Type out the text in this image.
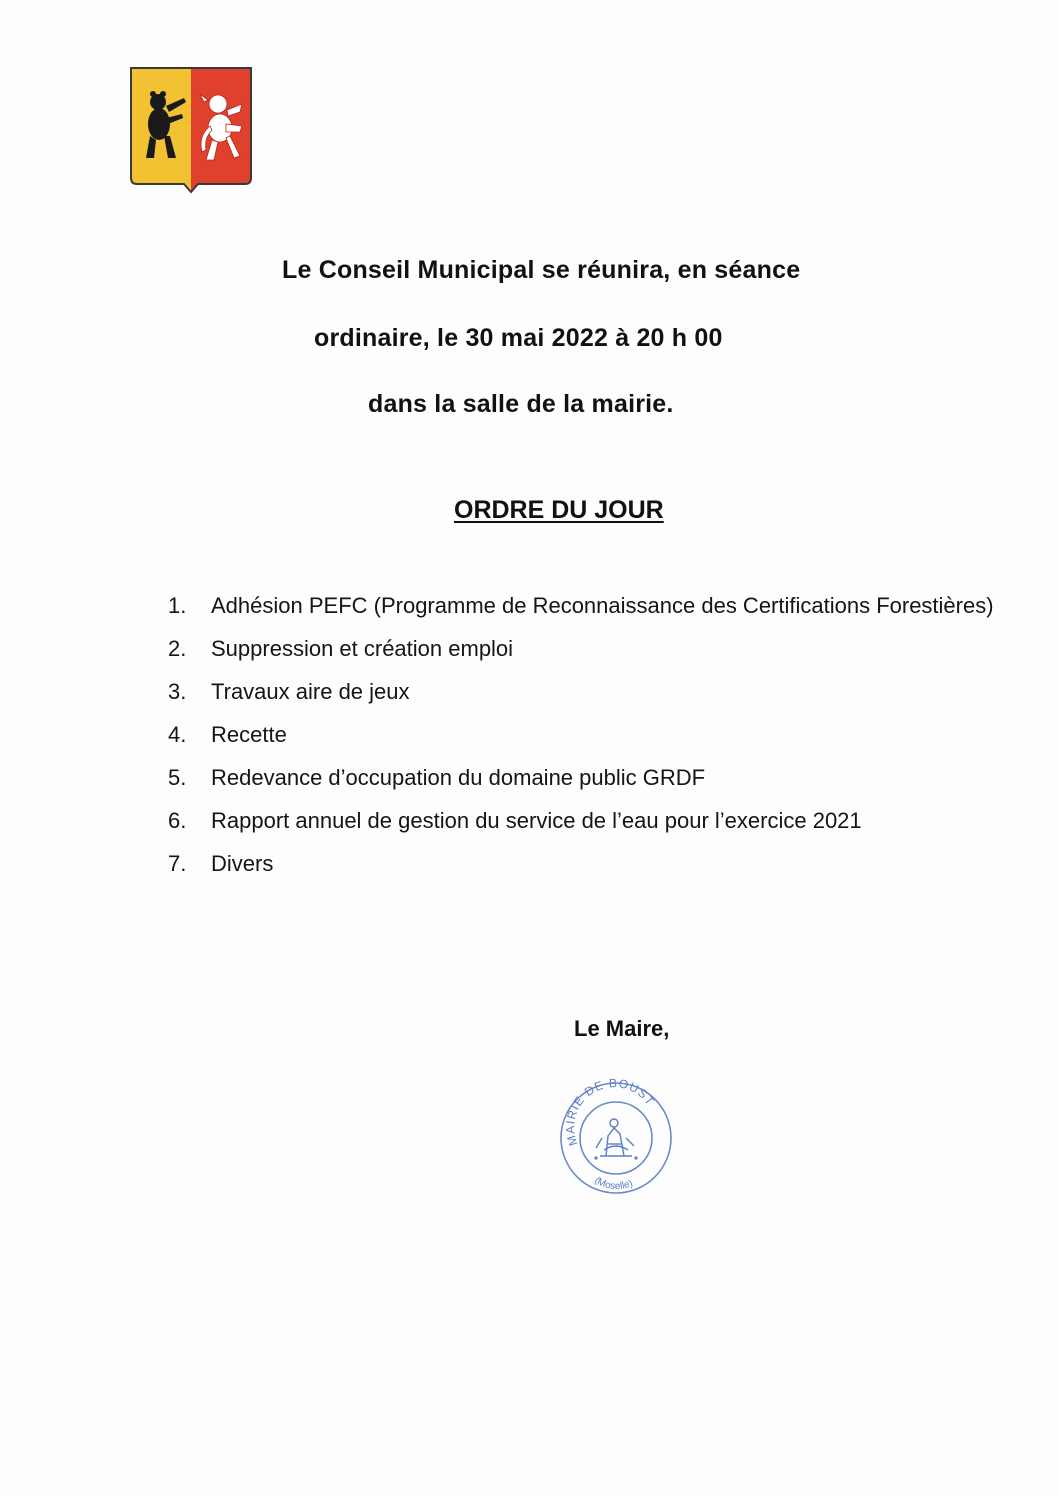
Le Conseil Municipal se réunira, en séance
ordinaire, le 30 mai 2022 à 20 h 00
dans la salle de la mairie.
ORDRE DU JOUR
1. Adhésion PEFC (Programme de Reconnaissance des Certifications Forestières)
2. Suppression et création emploi
3. Travaux aire de jeux
4. Recette
5. Redevance d’occupation du domaine public GRDF
6. Rapport annuel de gestion du service de l’eau pour l’exercice 2021
7. Divers
Le Maire,
MAIRIE DE BOUST
(Moselle)
